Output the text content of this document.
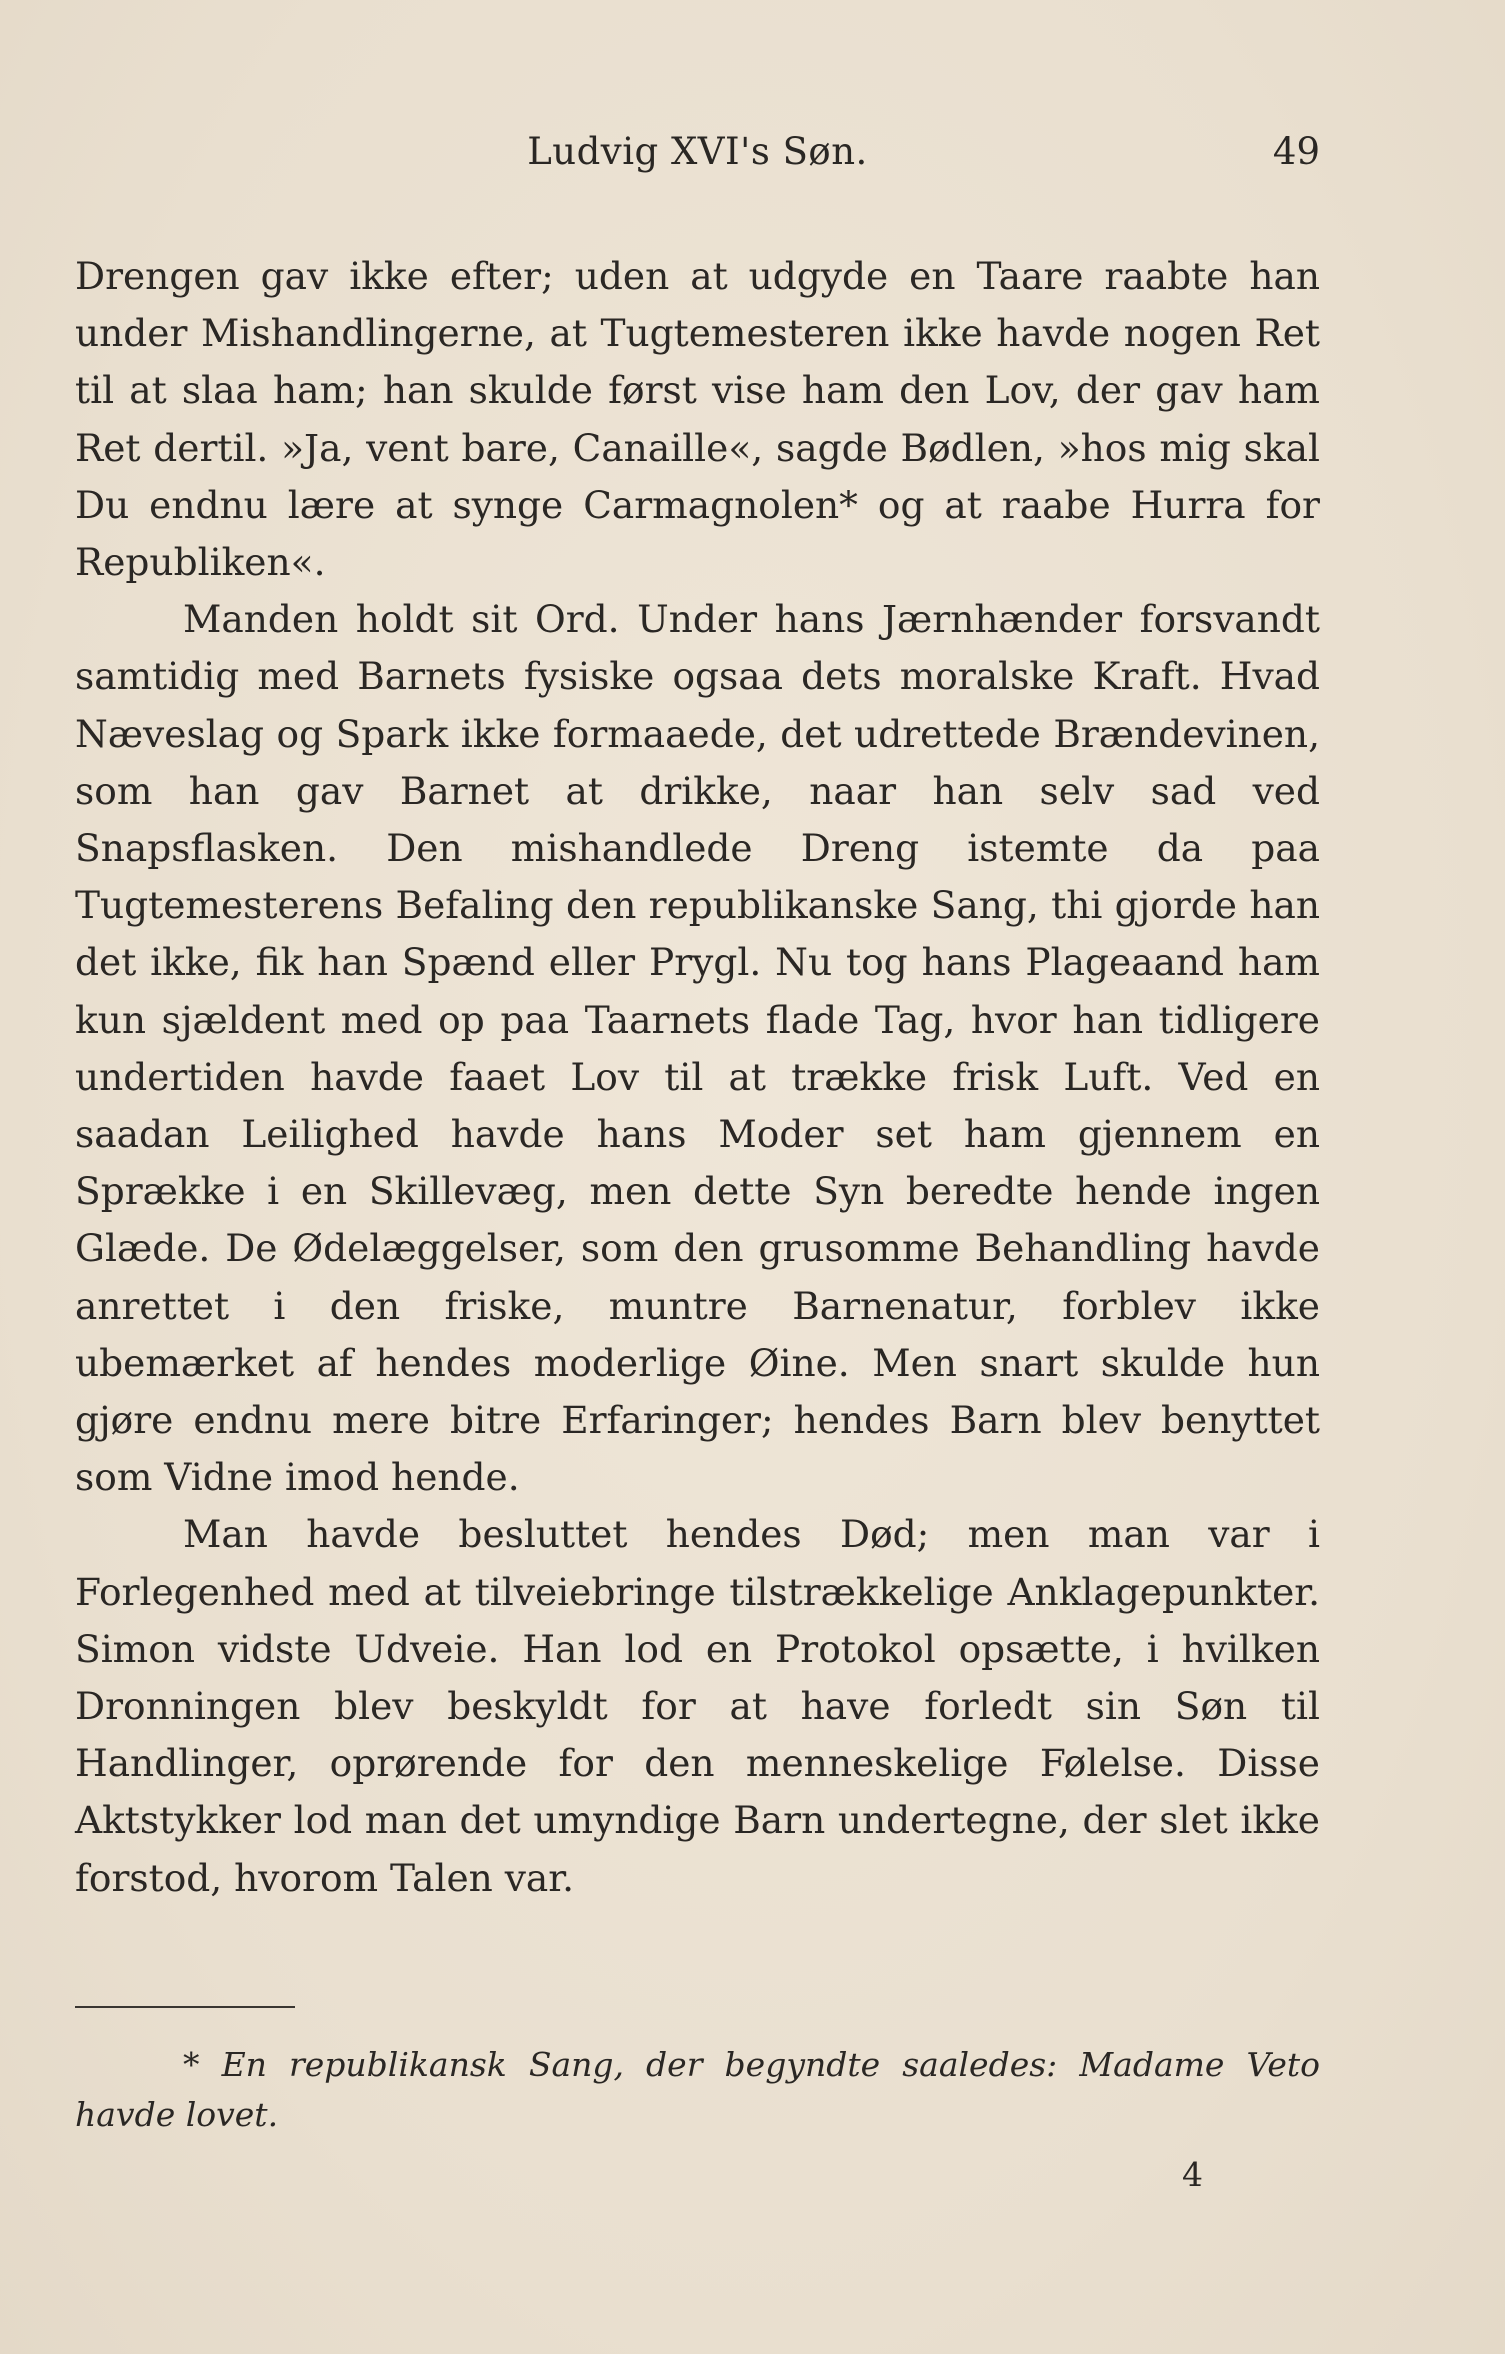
Ludvig XVI's Søn.	49

Drengen gav ikke efter; uden at udgyde en Taare raabte han under Mishandlingerne, at Tugtemesteren ikke havde nogen Ret til at slaa ham; han skulde først vise ham den Lov, der gav ham Ret dertil. »Ja, vent bare, Canaille«, sagde Bødlen, »hos mig skal Du endnu lære at synge Carmagnolen* og at raabe Hurra for Republiken«.

Manden holdt sit Ord. Under hans Jærnhænder forsvandt samtidig med Barnets fysiske ogsaa dets moralske Kraft. Hvad Næveslag og Spark ikke formaaede, det udrettede Brændevinen, som han gav Barnet at drikke, naar han selv sad ved Snapsflasken. Den mishandlede Dreng istemte da paa Tugtemesterens Befaling den republikanske Sang, thi gjorde han det ikke, fik han Spænd eller Prygl. Nu tog hans Plageaand ham kun sjældent med op paa Taarnets flade Tag, hvor han tidligere undertiden havde faaet Lov til at trække frisk Luft. Ved en saadan Leilighed havde hans Moder set ham gjennem en Sprække i en Skillevæg, men dette Syn beredte hende ingen Glæde. De Ødelæggelser, som den grusomme Behandling havde anrettet i den friske, muntre Barnenatur, forblev ikke ubemærket af hendes moderlige Øine. Men snart skulde hun gjøre endnu mere bitre Erfaringer; hendes Barn blev benyttet som Vidne imod hende.

Man havde besluttet hendes Død; men man var i Forlegenhed med at tilveiebringe tilstrækkelige Anklagepunkter. Simon vidste Udveie. Han lod en Protokol opsætte, i hvilken Dronningen blev beskyldt for at have forledt sin Søn til Handlinger, oprørende for den menneskelige Følelse. Disse Aktstykker lod man det umyndige Barn undertegne, der slet ikke forstod, hvorom Talen var.

* En republikansk Sang, der begyndte saaledes: Madame Veto havde lovet.
4
